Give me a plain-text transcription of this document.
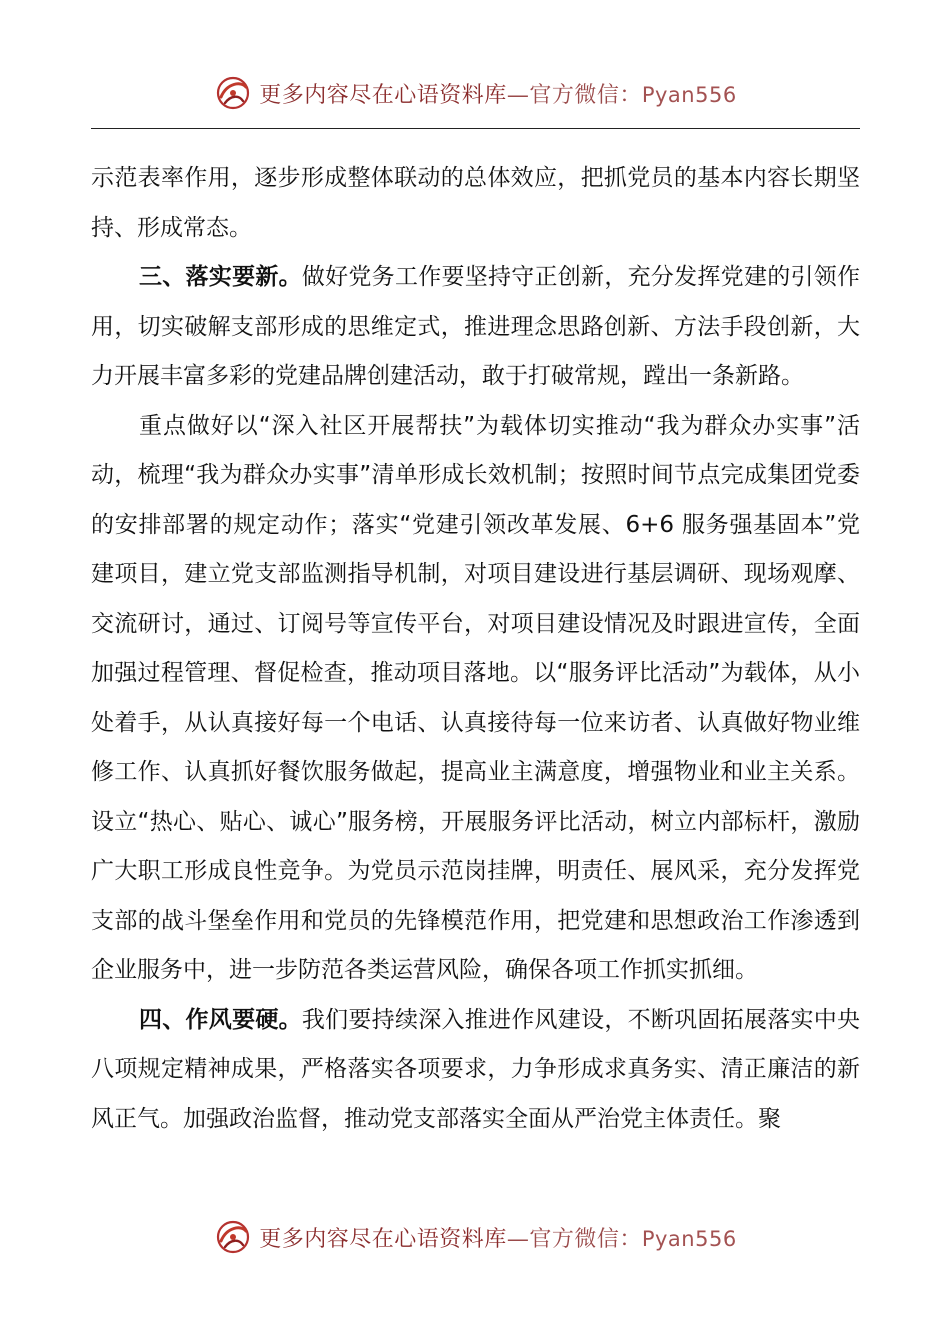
更多内容尽在心语资料库—官方微信：Pyan556

示范表率作用，逐步形成整体联动的总体效应，把抓党员的基本内容长期坚持、形成常态。

三、落实要新。做好党务工作要坚持守正创新，充分发挥党建的引领作用，切实破解支部形成的思维定式，推进理念思路创新、方法手段创新，大力开展丰富多彩的党建品牌创建活动，敢于打破常规，蹚出一条新路。

重点做好以“深入社区开展帮扶”为载体切实推动“我为群众办实事”活动，梳理“我为群众办实事”清单形成长效机制；按照时间节点完成集团党委的安排部署的规定动作；落实“党建引领改革发展、6+6 服务强基固本”党建项目，建立党支部监测指导机制，对项目建设进行基层调研、现场观摩、交流研讨，通过、订阅号等宣传平台，对项目建设情况及时跟进宣传，全面加强过程管理、督促检查，推动项目落地。以“服务评比活动”为载体，从小处着手，从认真接好每一个电话、认真接待每一位来访者、认真做好物业维修工作、认真抓好餐饮服务做起，提高业主满意度，增强物业和业主关系。设立“热心、贴心、诚心”服务榜，开展服务评比活动，树立内部标杆，激励广大职工形成良性竞争。为党员示范岗挂牌，明责任、展风采，充分发挥党支部的战斗堡垒作用和党员的先锋模范作用，把党建和思想政治工作渗透到企业服务中，进一步防范各类运营风险，确保各项工作抓实抓细。

四、作风要硬。我们要持续深入推进作风建设，不断巩固拓展落实中央八项规定精神成果，严格落实各项要求，力争形成求真务实、清正廉洁的新风正气。加强政治监督，推动党支部落实全面从严治党主体责任。聚

更多内容尽在心语资料库—官方微信：Pyan556
